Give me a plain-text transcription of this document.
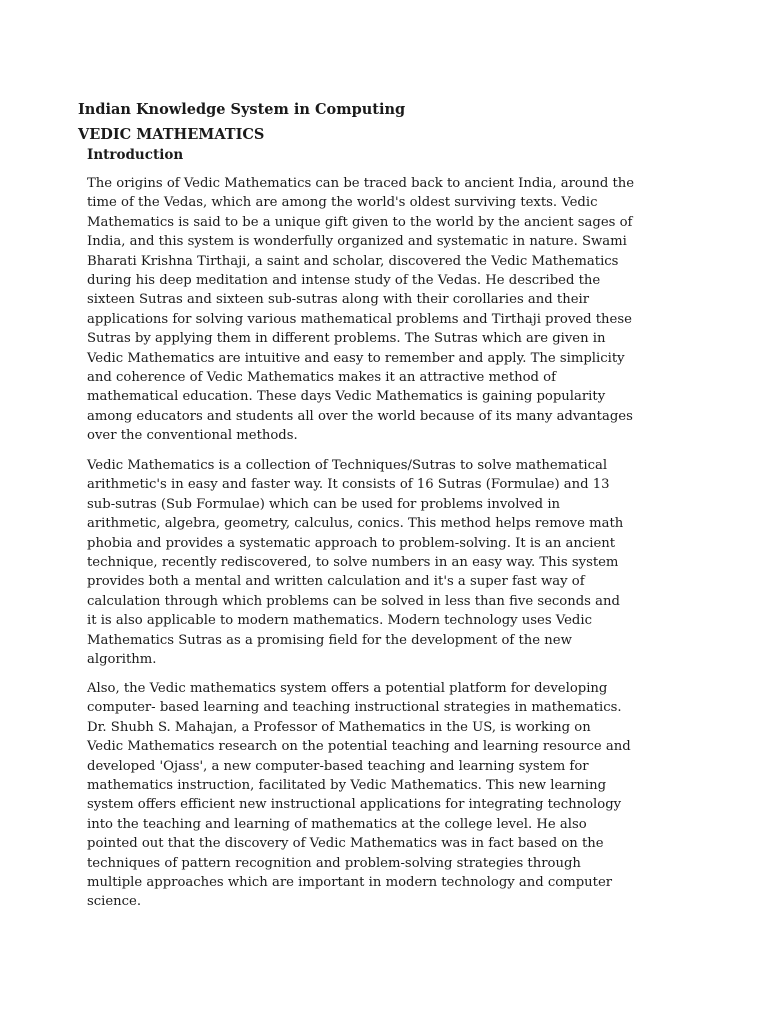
Indian Knowledge System in Computing
VEDIC MATHEMATICS
Introduction

The origins of Vedic Mathematics can be traced back to ancient India, around the
time of the Vedas, which are among the world's oldest surviving texts. Vedic
Mathematics is said to be a unique gift given to the world by the ancient sages of
India, and this system is wonderfully organized and systematic in nature. Swami
Bharati Krishna Tirthaji, a saint and scholar, discovered the Vedic Mathematics
during his deep meditation and intense study of the Vedas. He described the
sixteen Sutras and sixteen sub-sutras along with their corollaries and their
applications for solving various mathematical problems and Tirthaji proved these
Sutras by applying them in different problems. The Sutras which are given in
Vedic Mathematics are intuitive and easy to remember and apply. The simplicity
and coherence of Vedic Mathematics makes it an attractive method of
mathematical education. These days Vedic Mathematics is gaining popularity
among educators and students all over the world because of its many advantages
over the conventional methods.

Vedic Mathematics is a collection of Techniques/Sutras to solve mathematical
arithmetic's in easy and faster way. It consists of 16 Sutras (Formulae) and 13
sub-sutras (Sub Formulae) which can be used for problems involved in
arithmetic, algebra, geometry, calculus, conics. This method helps remove math
phobia and provides a systematic approach to problem-solving. It is an ancient
technique, recently rediscovered, to solve numbers in an easy way. This system
provides both a mental and written calculation and it's a super fast way of
calculation through which problems can be solved in less than five seconds and
it is also applicable to modern mathematics. Modern technology uses Vedic
Mathematics Sutras as a promising field for the development of the new
algorithm.

Also, the Vedic mathematics system offers a potential platform for developing
computer- based learning and teaching instructional strategies in mathematics.
Dr. Shubh S. Mahajan, a Professor of Mathematics in the US, is working on
Vedic Mathematics research on the potential teaching and learning resource and
developed 'Ojass', a new computer-based teaching and learning system for
mathematics instruction, facilitated by Vedic Mathematics. This new learning
system offers efficient new instructional applications for integrating technology
into the teaching and learning of mathematics at the college level. He also
pointed out that the discovery of Vedic Mathematics was in fact based on the
techniques of pattern recognition and problem-solving strategies through
multiple approaches which are important in modern technology and computer
science.
